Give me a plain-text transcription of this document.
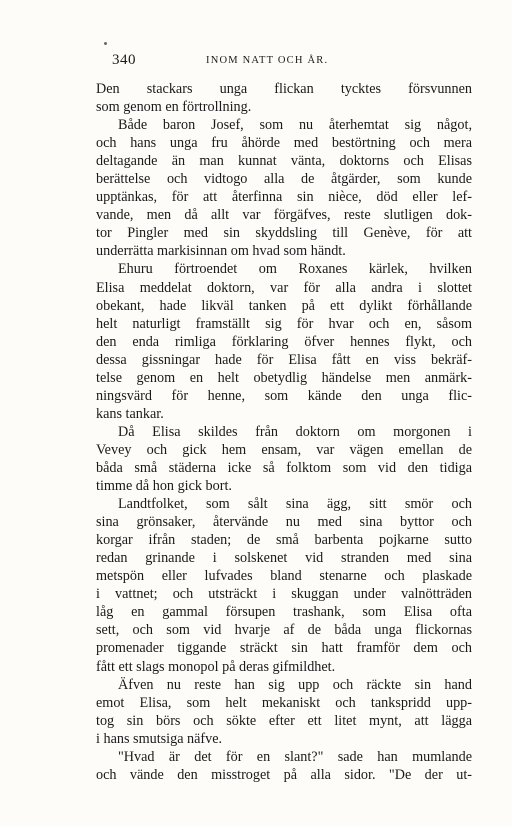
340	INOM NATT OCH ÅR.
Den stackars unga flickan tycktes försvunnen
som genom en förtrollning.
Både baron Josef, som nu återhemtat sig något,
och hans unga fru åhörde med bestörtning och mera
deltagande än man kunnat vänta, doktorns och Elisas
berättelse och vidtogo alla de åtgärder, som kunde
upptänkas, för att återfinna sin nièce, död eller lef-
vande, men då allt var förgäfves, reste slutligen dok-
tor Pingler med sin skyddsling till Genève, för att
underrätta markisinnan om hvad som händt.
Ehuru förtroendet om Roxanes kärlek, hvilken
Elisa meddelat doktorn, var för alla andra i slottet
obekant, hade likväl tanken på ett dylikt förhållande
helt naturligt framställt sig för hvar och en, såsom
den enda rimliga förklaring öfver hennes flykt, och
dessa gissningar hade för Elisa fått en viss bekräf-
telse genom en helt obetydlig händelse men anmärk-
ningsvärd för henne, som kände den unga flic-
kans tankar.
Då Elisa skildes från doktorn om morgonen i
Vevey och gick hem ensam, var vägen emellan de
båda små städerna icke så folktom som vid den tidiga
timme då hon gick bort.
Landtfolket, som sålt sina ägg, sitt smör och
sina grönsaker, återvände nu med sina byttor och
korgar ifrån staden; de små barbenta pojkarne sutto
redan grinande i solskenet vid stranden med sina
metspön eller lufvades bland stenarne och plaskade
i vattnet; och utsträckt i skuggan under valnötträden
låg en gammal försupen trashank, som Elisa ofta
sett, och som vid hvarje af de båda unga flickornas
promenader tiggande sträckt sin hatt framför dem och
fått ett slags monopol på deras gifmildhet.
Äfven nu reste han sig upp och räckte sin hand
emot Elisa, som helt mekaniskt och tankspridd upp-
tog sin börs och sökte efter ett litet mynt, att lägga
i hans smutsiga näfve.
"Hvad är det för en slant?" sade han mumlande
och vände den misstroget på alla sidor. "De der ut-
